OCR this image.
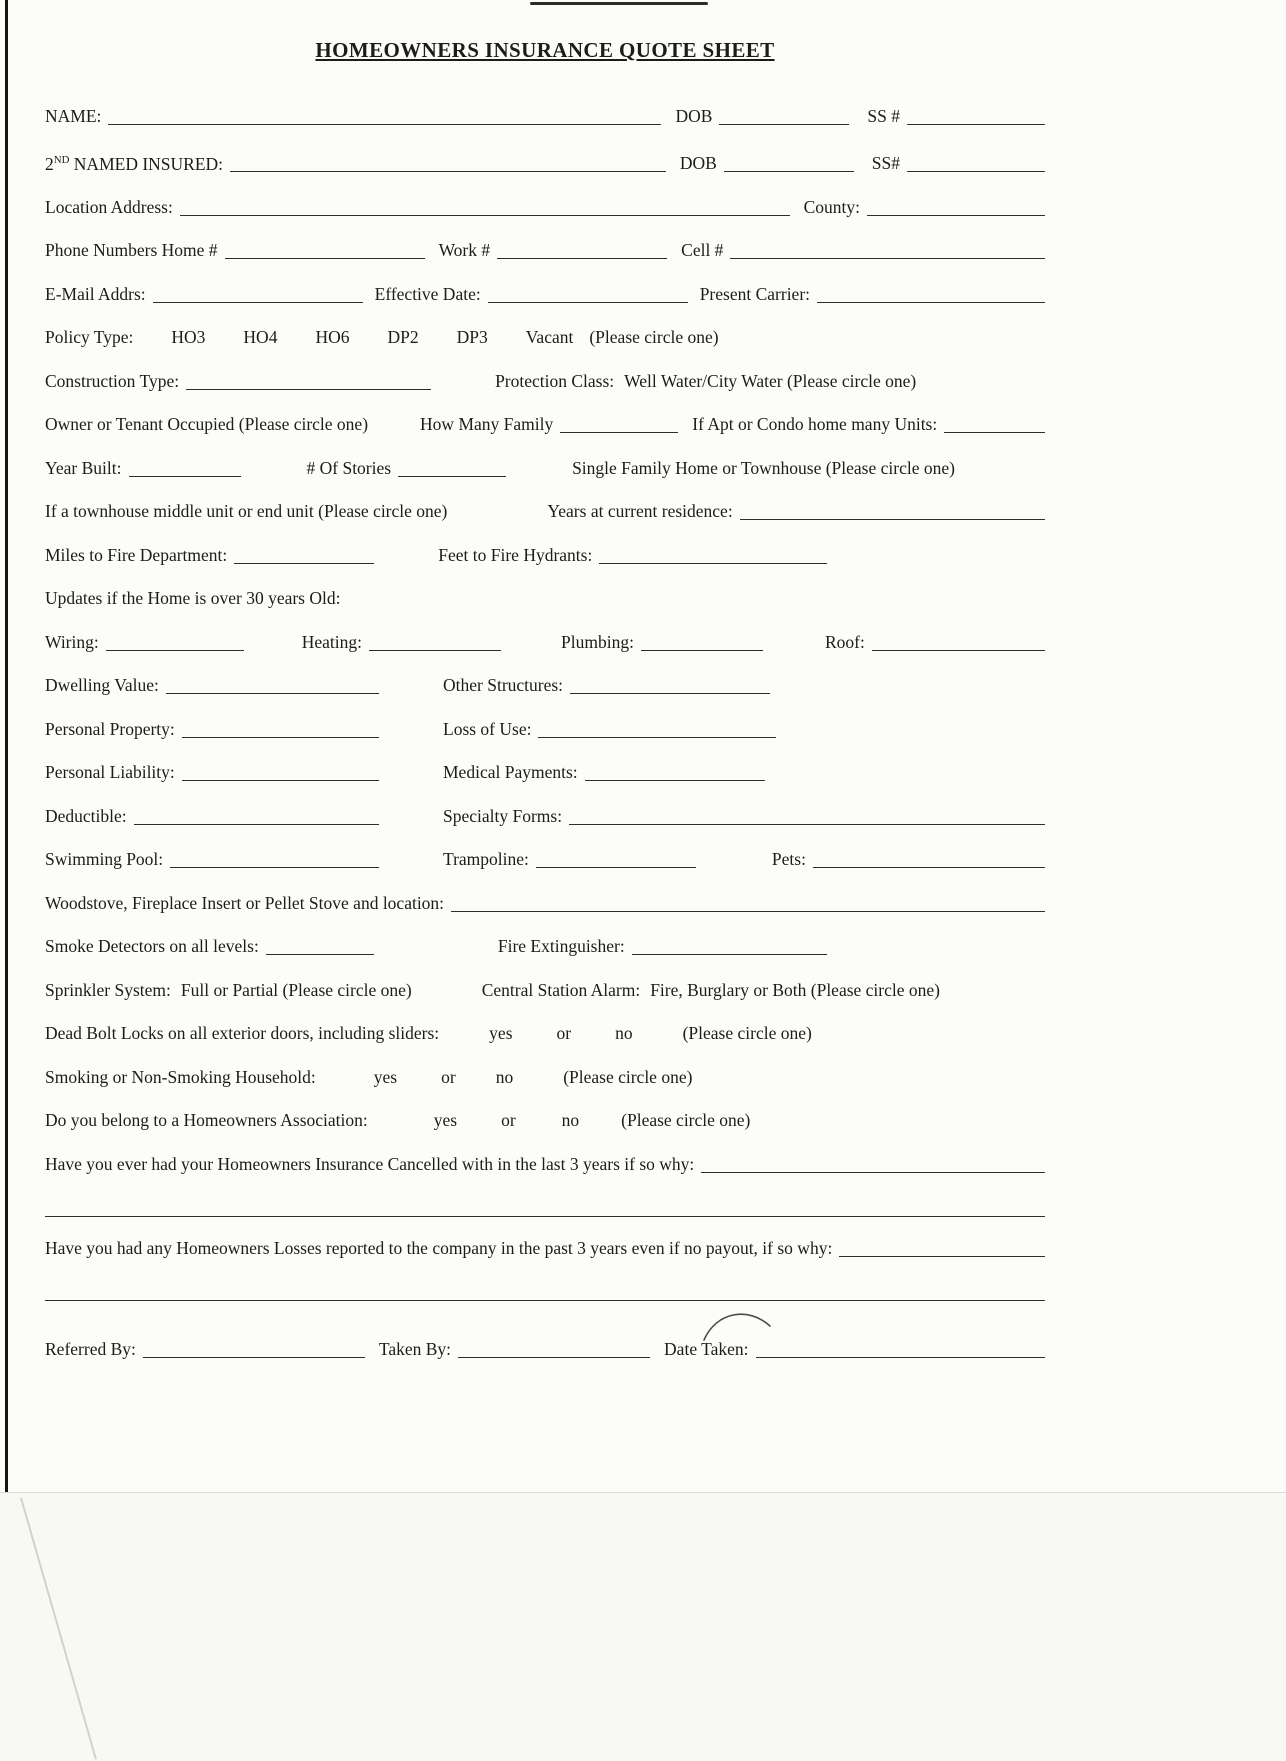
HOMEOWNERS INSURANCE QUOTE SHEET
NAME:	DOB	SS #
2ND NAMED INSURED:	DOB	SS#
Location Address:	County:
Phone Numbers Home #	Work #	Cell #
E-Mail Addrs:	Effective Date:	Present Carrier:
Policy Type: HO3 HO4 HO6 DP2 DP3 Vacant (Please circle one)
Construction Type:	Protection Class: Well Water/City Water (Please circle one)
Owner or Tenant Occupied (Please circle one)	How Many Family	If Apt or Condo home many Units:
Year Built:	# Of Stories	Single Family Home or Townhouse (Please circle one)
If a townhouse middle unit or end unit (Please circle one)	Years at current residence:
Miles to Fire Department:	Feet to Fire Hydrants:
Updates if the Home is over 30 years Old:
Wiring:	Heating:	Plumbing:	Roof:
Dwelling Value:	Other Structures:
Personal Property:	Loss of Use:
Personal Liability:	Medical Payments:
Deductible:	Specialty Forms:
Swimming Pool:	Trampoline:	Pets:
Woodstove, Fireplace Insert or Pellet Stove and location:
Smoke Detectors on all levels:	Fire Extinguisher:
Sprinkler System: Full or Partial (Please circle one)	Central Station Alarm: Fire, Burglary or Both (Please circle one)
Dead Bolt Locks on all exterior doors, including sliders:	yes	or	no	(Please circle one)
Smoking or Non-Smoking Household:	yes	or no	(Please circle one)
Do you belong to a Homeowners Association:	yes	or	no (Please circle one)
Have you ever had your Homeowners Insurance Cancelled with in the last 3 years if so why:
Have you had any Homeowners Losses reported to the company in the past 3 years even if no payout, if so why:
Referred By:	Taken By:	Date Taken:
